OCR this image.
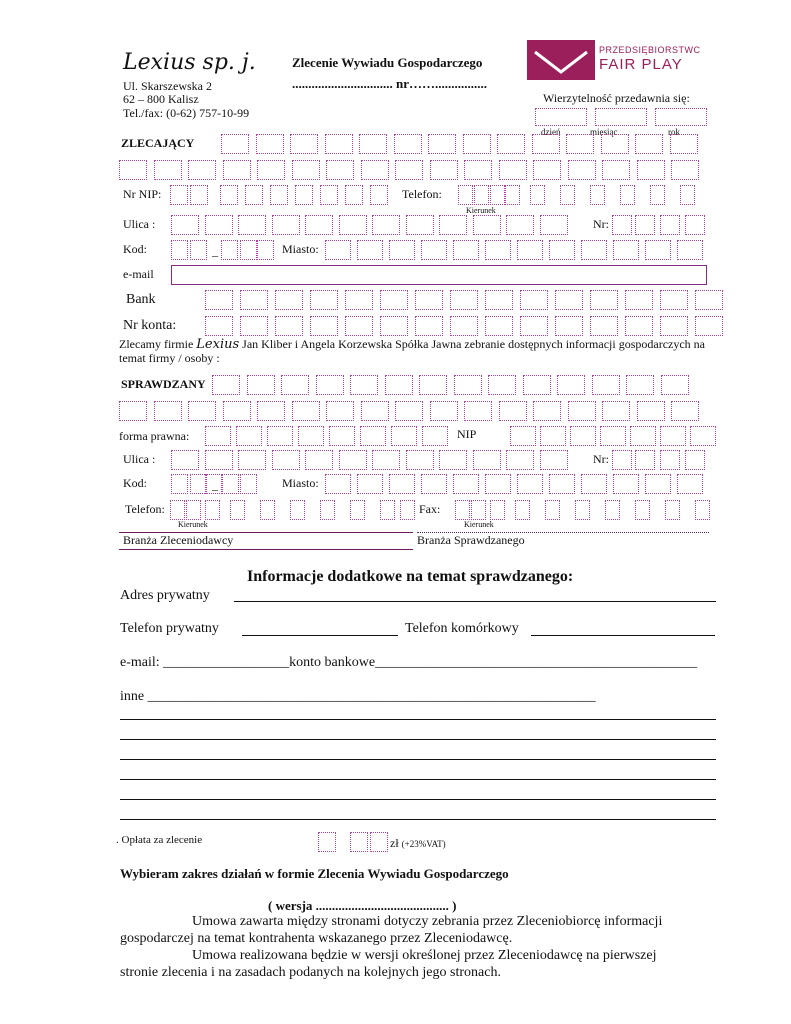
Lexius sp. j.
Ul. Skarszewska 2
62 – 800 Kalisz
Tel./fax: (0-62) 757-10-99
Zlecenie Wywiadu Gospodarczego
............................... nr……................
PRZEDSIĘBIORSTWC
FAIR PLAY
Wierzytelność przedawnia się:
dzień	miesiąc	rok
ZLECAJĄCY
Nr NIP:	Telefon:
Kierunek
Ulica :	Nr:
Kod:	_	Miasto:
e-mail
Bank
Nr konta:
Zlecamy firmie Lexius Jan Kliber i Angela Korzewska Spółka Jawna zebranie dostępnych informacji gospodarczych na
temat firmy / osoby :
SPRAWDZANY
forma prawna:	NIP
Ulica :	Nr:
Kod:	_	Miasto:
Telefon:	Fax:
Kierunek	Kierunek
Branża Zleceniodawcy	Branża Sprawdzanego
Informacje dodatkowe na temat sprawdzanego:
Adres prywatny
Telefon prywatny	Telefon komórkowy
e-mail: __________________konto bankowe______________________________________________
inne ________________________________________________________________
. Opłata za zlecenie	zł (+23%VAT)
Wybieram zakres działań w formie Zlecenia Wywiadu Gospodarczego
( wersja ......................................... )
Umowa zawarta między stronami dotyczy zebrania przez Zleceniobiorcę informacji
gospodarczej na temat kontrahenta wskazanego przez Zleceniodawcę.
Umowa realizowana będzie w wersji określonej przez Zleceniodawcę na pierwszej
stronie zlecenia i na zasadach podanych na kolejnych jego stronach.
